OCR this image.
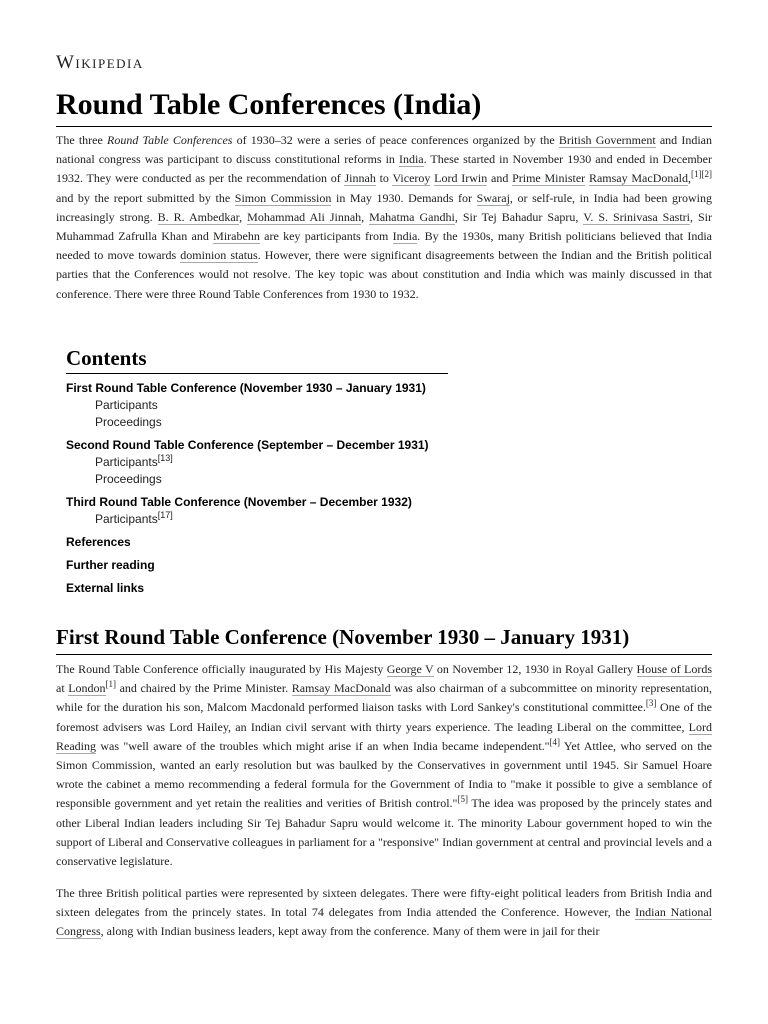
Wikipedia
Round Table Conferences (India)

The three Round Table Conferences of 1930–32 were a series of peace conferences organized by the British Government and Indian national congress was participant to discuss constitutional reforms in India. These started in November 1930 and ended in December 1932. They were conducted as per the recommendation of Jinnah to Viceroy Lord Irwin and Prime Minister Ramsay MacDonald,[1][2] and by the report submitted by the Simon Commission in May 1930. Demands for Swaraj, or self-rule, in India had been growing increasingly strong. B. R. Ambedkar, Mohammad Ali Jinnah, Mahatma Gandhi, Sir Tej Bahadur Sapru, V. S. Srinivasa Sastri, Sir Muhammad Zafrulla Khan and Mirabehn are key participants from India. By the 1930s, many British politicians believed that India needed to move towards dominion status. However, there were significant disagreements between the Indian and the British political parties that the Conferences would not resolve. The key topic was about constitution and India which was mainly discussed in that conference. There were three Round Table Conferences from 1930 to 1932.

Contents
First Round Table Conference (November 1930 – January 1931)
Participants
Proceedings
Second Round Table Conference (September – December 1931)
Participants[13]
Proceedings
Third Round Table Conference (November – December 1932)
Participants[17]
References
Further reading
External links
First Round Table Conference (November 1930 – January 1931)

The Round Table Conference officially inaugurated by His Majesty George V on November 12, 1930 in Royal Gallery House of Lords at London[1] and chaired by the Prime Minister. Ramsay MacDonald was also chairman of a subcommittee on minority representation, while for the duration his son, Malcom Macdonald performed liaison tasks with Lord Sankey's constitutional committee.[3] One of the foremost advisers was Lord Hailey, an Indian civil servant with thirty years experience. The leading Liberal on the committee, Lord Reading was "well aware of the troubles which might arise if an when India became independent."[4] Yet Attlee, who served on the Simon Commission, wanted an early resolution but was baulked by the Conservatives in government until 1945. Sir Samuel Hoare wrote the cabinet a memo recommending a federal formula for the Government of India to "make it possible to give a semblance of responsible government and yet retain the realities and verities of British control."[5] The idea was proposed by the princely states and other Liberal Indian leaders including Sir Tej Bahadur Sapru would welcome it. The minority Labour government hoped to win the support of Liberal and Conservative colleagues in parliament for a "responsive" Indian government at central and provincial levels and a conservative legislature.

The three British political parties were represented by sixteen delegates. There were fifty-eight political leaders from British India and sixteen delegates from the princely states. In total 74 delegates from India attended the Conference. However, the Indian National Congress, along with Indian business leaders, kept away from the conference. Many of them were in jail for their
